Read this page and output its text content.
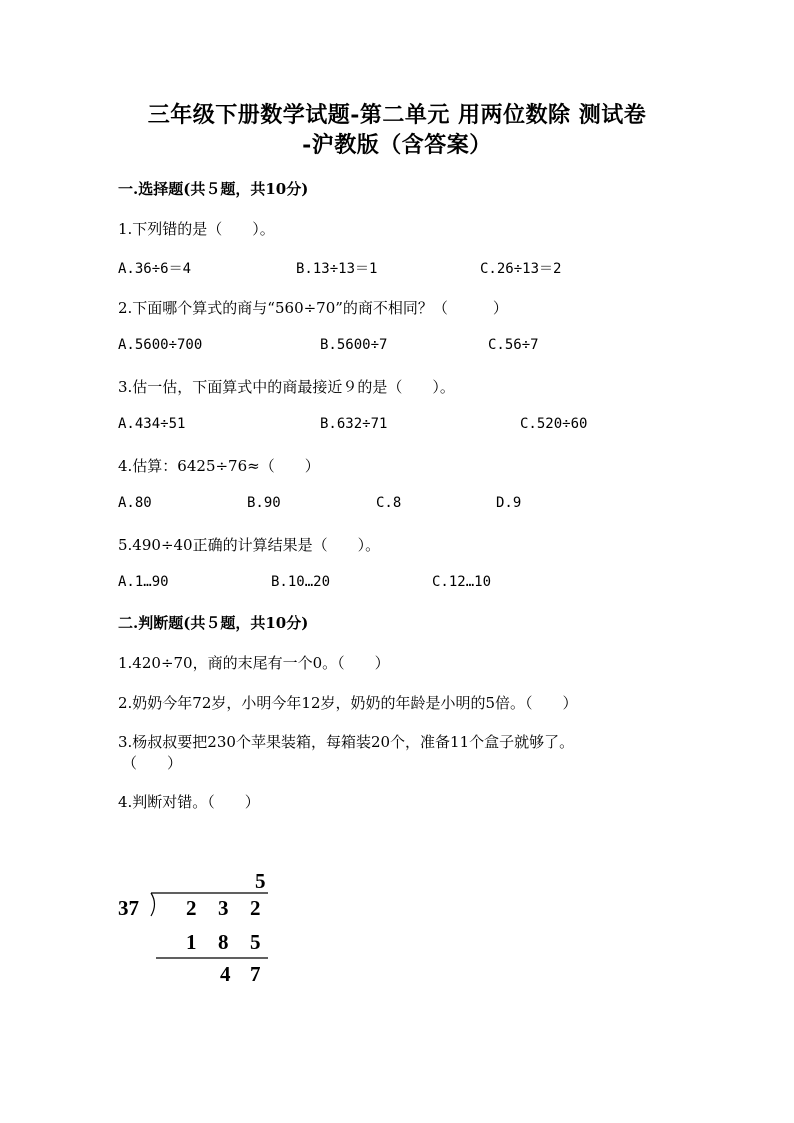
三年级下册数学试题-第二单元 用两位数除 测试卷
-沪教版（含答案）
一.选择题(共５题，共10分)
1.下列错的是（　　）。
A.36÷6＝4	B.13÷13＝1	C.26÷13＝2
2.下面哪个算式的商与“560÷70”的商不相同？（　　　）
A.5600÷700	B.5600÷7	C.56÷7
3.估一估，下面算式中的商最接近９的是（　　）。
A.434÷51	B.632÷71	C.520÷60
4.估算：6425÷76≈（　　）
A.80	B.90	C.8	D.9
5.490÷40正确的计算结果是（　　）。
A.1…90	B.10…20	C.12…10
二.判断题(共５题，共10分)
1.420÷70，商的末尾有一个0。（　　）
2.奶奶今年72岁，小明今年12岁，奶奶的年龄是小明的5倍。（　　）
3.杨叔叔要把230个苹果装箱，每箱装20个，准备11个盒子就够了。
（　　）
4.判断对错。（　　）
5
37 2 3 2
1 8 5
4 7
